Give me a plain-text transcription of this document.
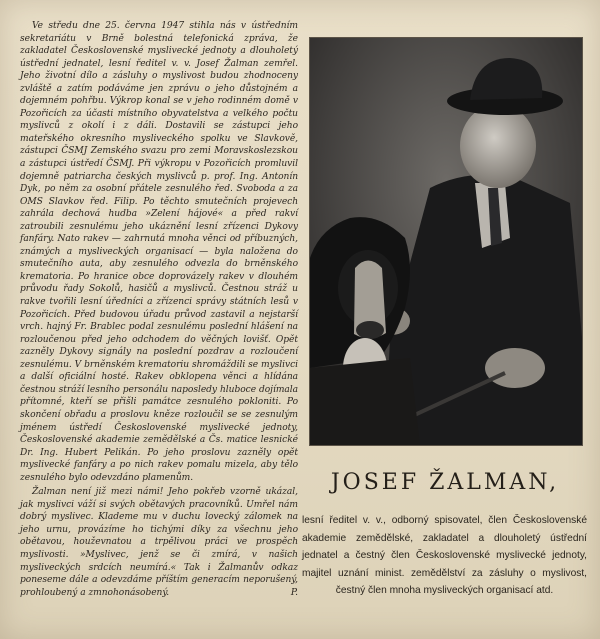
Ve středu dne 25. června 1947 stihla nás v ústředním sekretariátu v Brně bolestná telefonická zpráva, že zakladatel Československé myslivecké jednoty a dlouholetý ústřední jednatel, lesní ředitel v. v. Josef Žalman zemřel. Jeho životní dílo a zásluhy o myslivost budou zhodnoceny zvláště a zatím podáváme jen zprávu o jeho důstojném a dojemném pohřbu. Výkrop konal se v jeho rodinném domě v Pozořicích za účasti místního obyvatelstva a velkého počtu myslivců z okolí i z dáli. Dostavili se zástupci jeho mateřského okresního mysliveckého spolku ve Slavkově, zástupci ČSMJ Zemského svazu pro zemi Moravskoslezskou a zástupci ústředí ČSMJ. Při výkropu v Pozořicích promluvil dojemně patriarcha českých myslivců p. prof. Ing. Antonín Dyk, po něm za osobní přátele zesnulého řed. Svoboda a za OMS Slavkov řed. Filip. Po těchto smutečních projevech zahrála dechová hudba »Zelení hájové« a před rakví zatroubili zesnulému jeho ukáznění lesní zřízenci Dykovy fanfáry. Nato rakev — zahrnutá mnoha věnci od příbuzných, známých a mysliveckých organisací — byla naložena do smutečního auta, aby zesnulého odvezla do brněnského krematoria. Po hranice obce doprovázely rakev v dlouhém průvodu řady Sokolů, hasičů a myslivců. Čestnou stráž u rakve tvořili lesní úředníci a zřízenci správy státních lesů v Pozořicích. Před budovou úřadu průvod zastavil a nejstarší vrch. hajný Fr. Brablec podal zesnulému poslední hlášení na rozloučenou před jeho odchodem do věčných lovišť. Opět zazněly Dykovy signály na poslední pozdrav a rozloučení zesnulému. V brněnském krematoriu shromáždili se myslivci a další oficiální hosté. Rakev obklopena věnci a hlídána čestnou stráží lesního personálu naposledy hluboce dojímala přítomné, kteří se přišli památce zesnulého pokloniti. Po skončení obřadu a proslovu kněze rozloučil se se zesnulým jménem ústředí Československé myslivecké jednoty, Československé akademie zemědělské a Čs. matice lesnické Dr. Ing. Hubert Pelikán. Po jeho proslovu zazněly opět myslivecké fanfáry a po nich rakev pomalu mizela, aby tělo zesnulého bylo odevzdáno plamenům.

Žalman není již mezi námi! Jeho pokřeb vzorně ukázal, jak myslivci váží si svých obětavých pracovníků. Umřel nám dobrý myslivec. Klademe mu v duchu lovecký zálomek na jeho urnu, provázíme ho tichými díky za všechnu jeho obětavou, houževnatou a trpělivou práci ve prospěch myslivosti. »Myslivec, jenž se či zmírá, v našich mysliveckých srdcích neumírá.« Tak i Žalmanův odkaz poneseme dále a odevzdáme příštím generacím neporušený, prohloubený a zmnohonásobený.	P.

JOSEF ŽALMAN,
lesní ředitel v. v., odborný spisovatel, člen Československé akademie zemědělské, zakladatel a dlouholetý ústřední jednatel a čestný člen Československé myslivecké jednoty, majitel uznání minist. zemědělství za zásluhy o myslivost, čestný člen mnoha mysliveckých organisací atd.
